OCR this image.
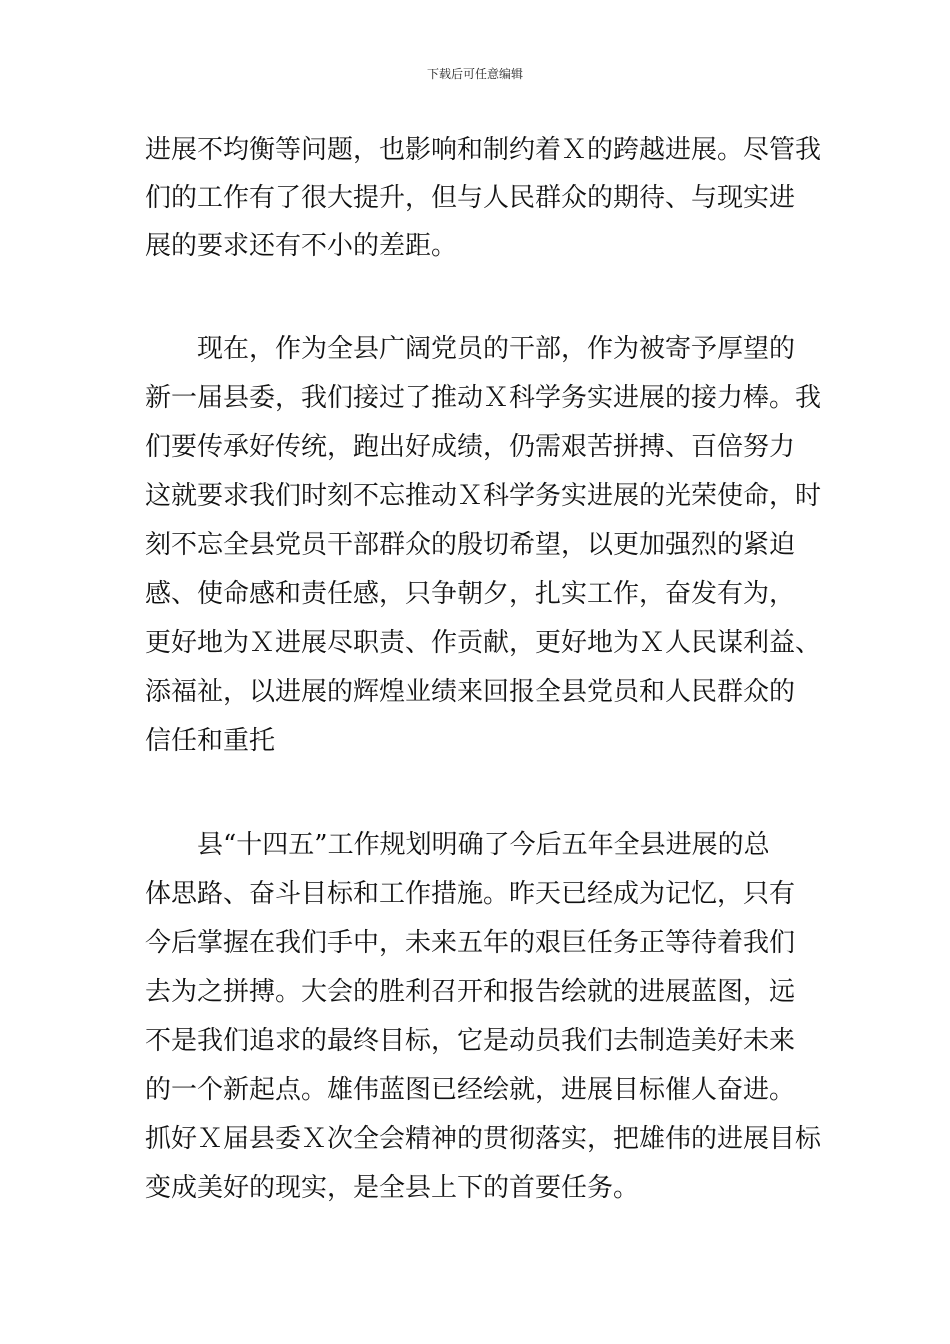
下载后可任意编辑
进展不均衡等问题，也影响和制约着Ｘ的跨越进展。尽管我
们的工作有了很大提升，但与人民群众的期待、与现实进
展的要求还有不小的差距。
现在，作为全县广阔党员的干部，作为被寄予厚望的
新一届县委，我们接过了推动Ｘ科学务实进展的接力棒。我
们要传承好传统，跑出好成绩，仍需艰苦拼搏、百倍努力
这就要求我们时刻不忘推动Ｘ科学务实进展的光荣使命，时
刻不忘全县党员干部群众的殷切希望，以更加强烈的紧迫
感、使命感和责任感，只争朝夕，扎实工作，奋发有为，
更好地为Ｘ进展尽职责、作贡献，更好地为Ｘ人民谋利益、
添福祉，以进展的辉煌业绩来回报全县党员和人民群众的
信任和重托
县“十四五”工作规划明确了今后五年全县进展的总
体思路、奋斗目标和工作措施。昨天已经成为记忆，只有
今后掌握在我们手中，未来五年的艰巨任务正等待着我们
去为之拼搏。大会的胜利召开和报告绘就的进展蓝图，远
不是我们追求的最终目标，它是动员我们去制造美好未来
的一个新起点。雄伟蓝图已经绘就，进展目标催人奋进。
抓好Ｘ届县委Ｘ次全会精神的贯彻落实，把雄伟的进展目标
变成美好的现实，是全县上下的首要任务。
